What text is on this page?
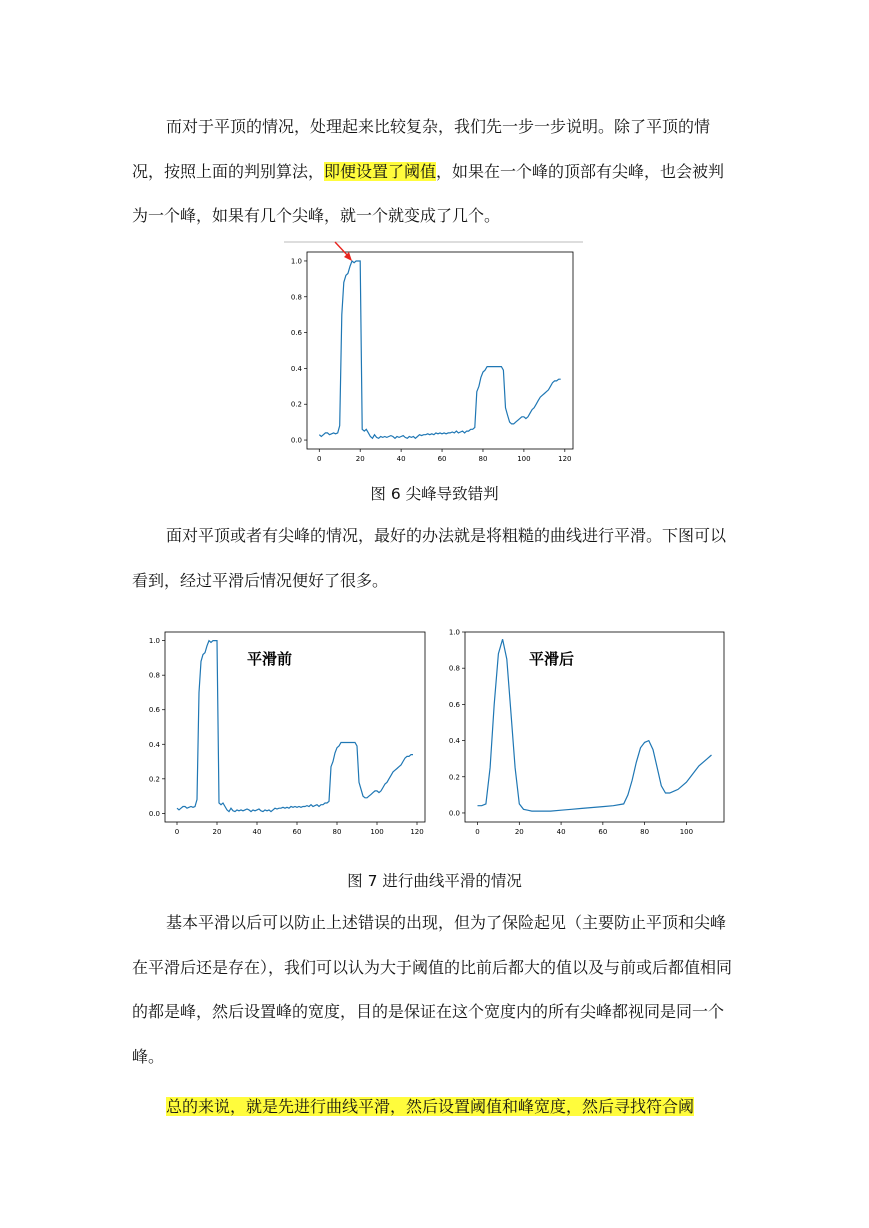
而对于平顶的情况，处理起来比较复杂，我们先一步一步说明。除了平顶的情况，按照上面的判别算法，即便设置了阈值，如果在一个峰的顶部有尖峰，也会被判为一个峰，如果有几个尖峰，就一个就变成了几个。

0	20	40	60	80	100	120
0.0
0.2
0.4
0.6
0.8
1.0
图 6 尖峰导致错判

面对平顶或者有尖峰的情况，最好的办法就是将粗糙的曲线进行平滑。下图可以看到，经过平滑后情况便好了很多。

0	20	40	60	80	100	120
0.0
0.2
0.4
0.6
0.8
1.0
平滑前
0	20	40	60	80	100
0.0
0.2
0.4
0.6
0.8
1.0
平滑后
图 7 进行曲线平滑的情况

基本平滑以后可以防止上述错误的出现，但为了保险起见（主要防止平顶和尖峰在平滑后还是存在），我们可以认为大于阈值的比前后都大的值以及与前或后都值相同的都是峰，然后设置峰的宽度，目的是保证在这个宽度内的所有尖峰都视同是同一个峰。

总的来说，就是先进行曲线平滑，然后设置阈值和峰宽度，然后寻找符合阈
